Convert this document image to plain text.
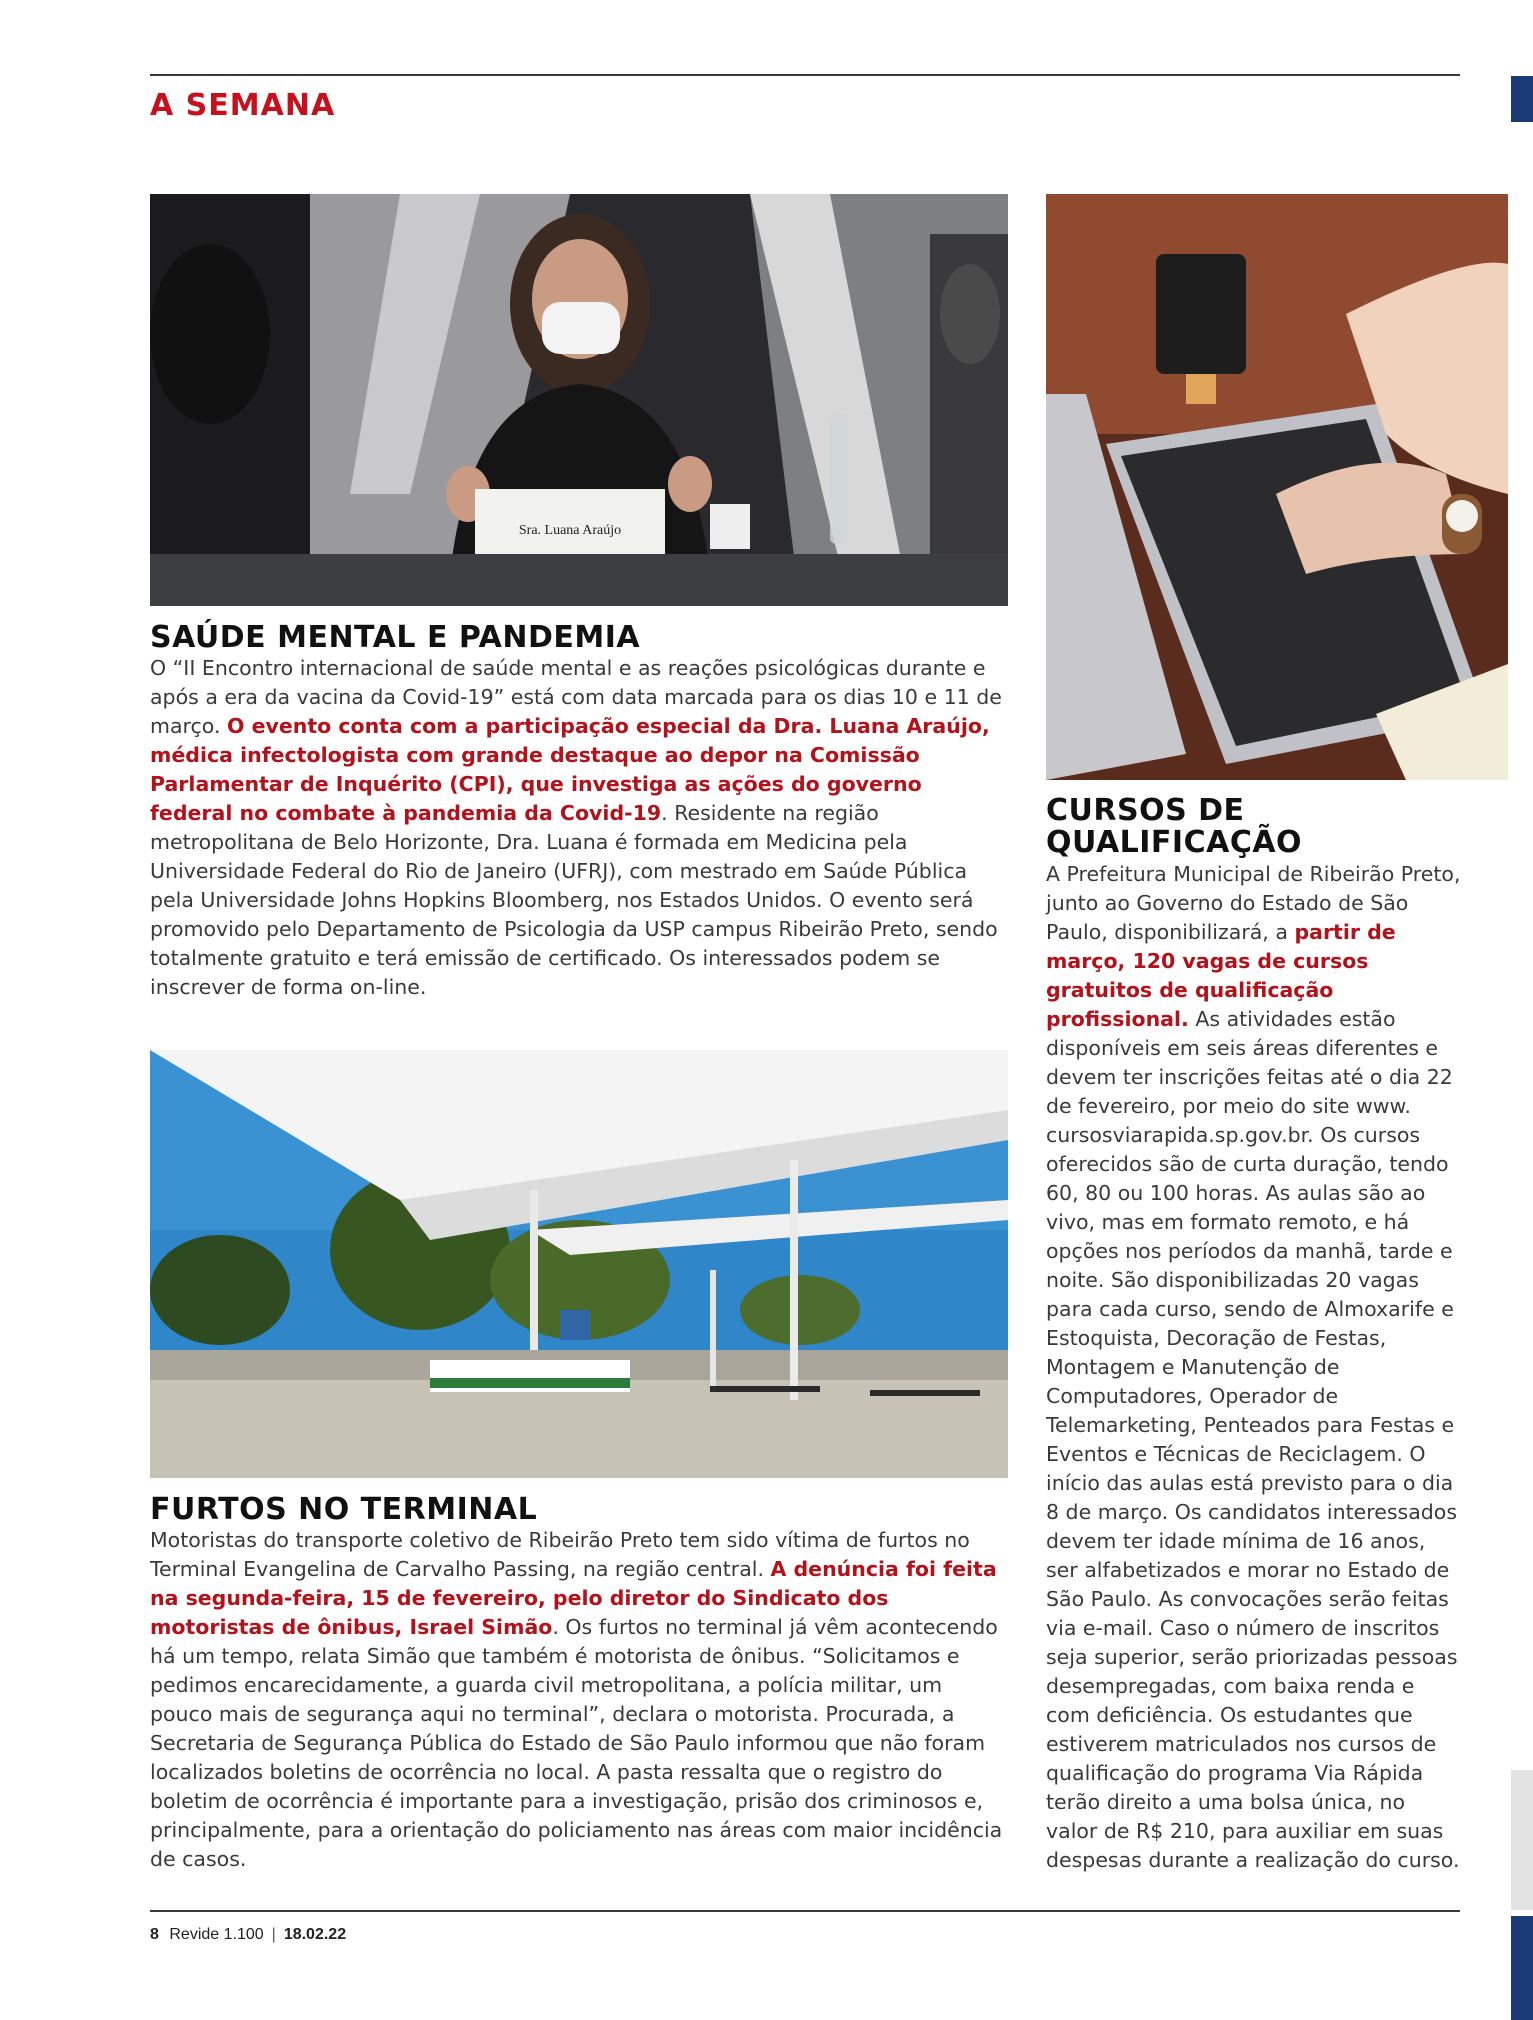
A SEMANA
Sra. Luana Araújo
SAÚDE MENTAL E PANDEMIA

O “II Encontro internacional de saúde mental e as reações psicológicas durante e após a era da vacina da Covid-19” está com data marcada para os dias 10 e 11 de março. O evento conta com a participação especial da Dra. Luana Araújo, médica infectologista com grande destaque ao depor na Comissão Parlamentar de Inquérito (CPI), que investiga as ações do governo federal no combate à pandemia da Covid-19. Residente na região metropolitana de Belo Horizonte, Dra. Luana é formada em Medicina pela Universidade Federal do Rio de Janeiro (UFRJ), com mestrado em Saúde Pública pela Universidade Johns Hopkins Bloomberg, nos Estados Unidos. O evento será promovido pelo Departamento de Psicologia da USP campus Ribeirão Preto, sendo totalmente gratuito e terá emissão de certificado. Os interessados podem se inscrever de forma on-line.

FURTOS NO TERMINAL

Motoristas do transporte coletivo de Ribeirão Preto tem sido vítima de furtos no Terminal Evangelina de Carvalho Passing, na região central. A denúncia foi feita na segunda-feira, 15 de fevereiro, pelo diretor do Sindicato dos motoristas de ônibus, Israel Simão. Os furtos no terminal já vêm acontecendo há um tempo, relata Simão que também é motorista de ônibus. “Solicitamos e pedimos encarecidamente, a guarda civil metropolitana, a polícia militar, um pouco mais de segurança aqui no terminal”, declara o motorista. Procurada, a Secretaria de Segurança Pública do Estado de São Paulo informou que não foram localizados boletins de ocorrência no local. A pasta ressalta que o registro do boletim de ocorrência é importante para a investigação, prisão dos criminosos e, principalmente, para a orientação do policiamento nas áreas com maior incidência de casos.

CURSOS DE QUALIFICAÇÃO

A Prefeitura Municipal de Ribeirão Preto, junto ao Governo do Estado de São Paulo, disponibilizará, a partir de março, 120 vagas de cursos gratuitos de qualificação profissional. As atividades estão disponíveis em seis áreas diferentes e devem ter inscrições feitas até o dia 22 de fevereiro, por meio do site www. cursosviarapida.sp.gov.br. Os cursos oferecidos são de curta duração, tendo 60, 80 ou 100 horas. As aulas são ao vivo, mas em formato remoto, e há opções nos períodos da manhã, tarde e noite. São disponibilizadas 20 vagas para cada curso, sendo de Almoxarife e Estoquista, Decoração de Festas, Montagem e Manutenção de Computadores, Operador de Telemarketing, Penteados para Festas e Eventos e Técnicas de Reciclagem. O início das aulas está previsto para o dia 8 de março. Os candidatos interessados devem ter idade mínima de 16 anos, ser alfabetizados e morar no Estado de São Paulo. As convocações serão feitas via e-mail. Caso o número de inscritos seja superior, serão priorizadas pessoas desempregadas, com baixa renda e com deficiência. Os estudantes que estiverem matriculados nos cursos de qualificação do programa Via Rápida terão direito a uma bolsa única, no valor de R$ 210, para auxiliar em suas despesas durante a realização do curso.

8 Revide 1.100 | 18.02.22
